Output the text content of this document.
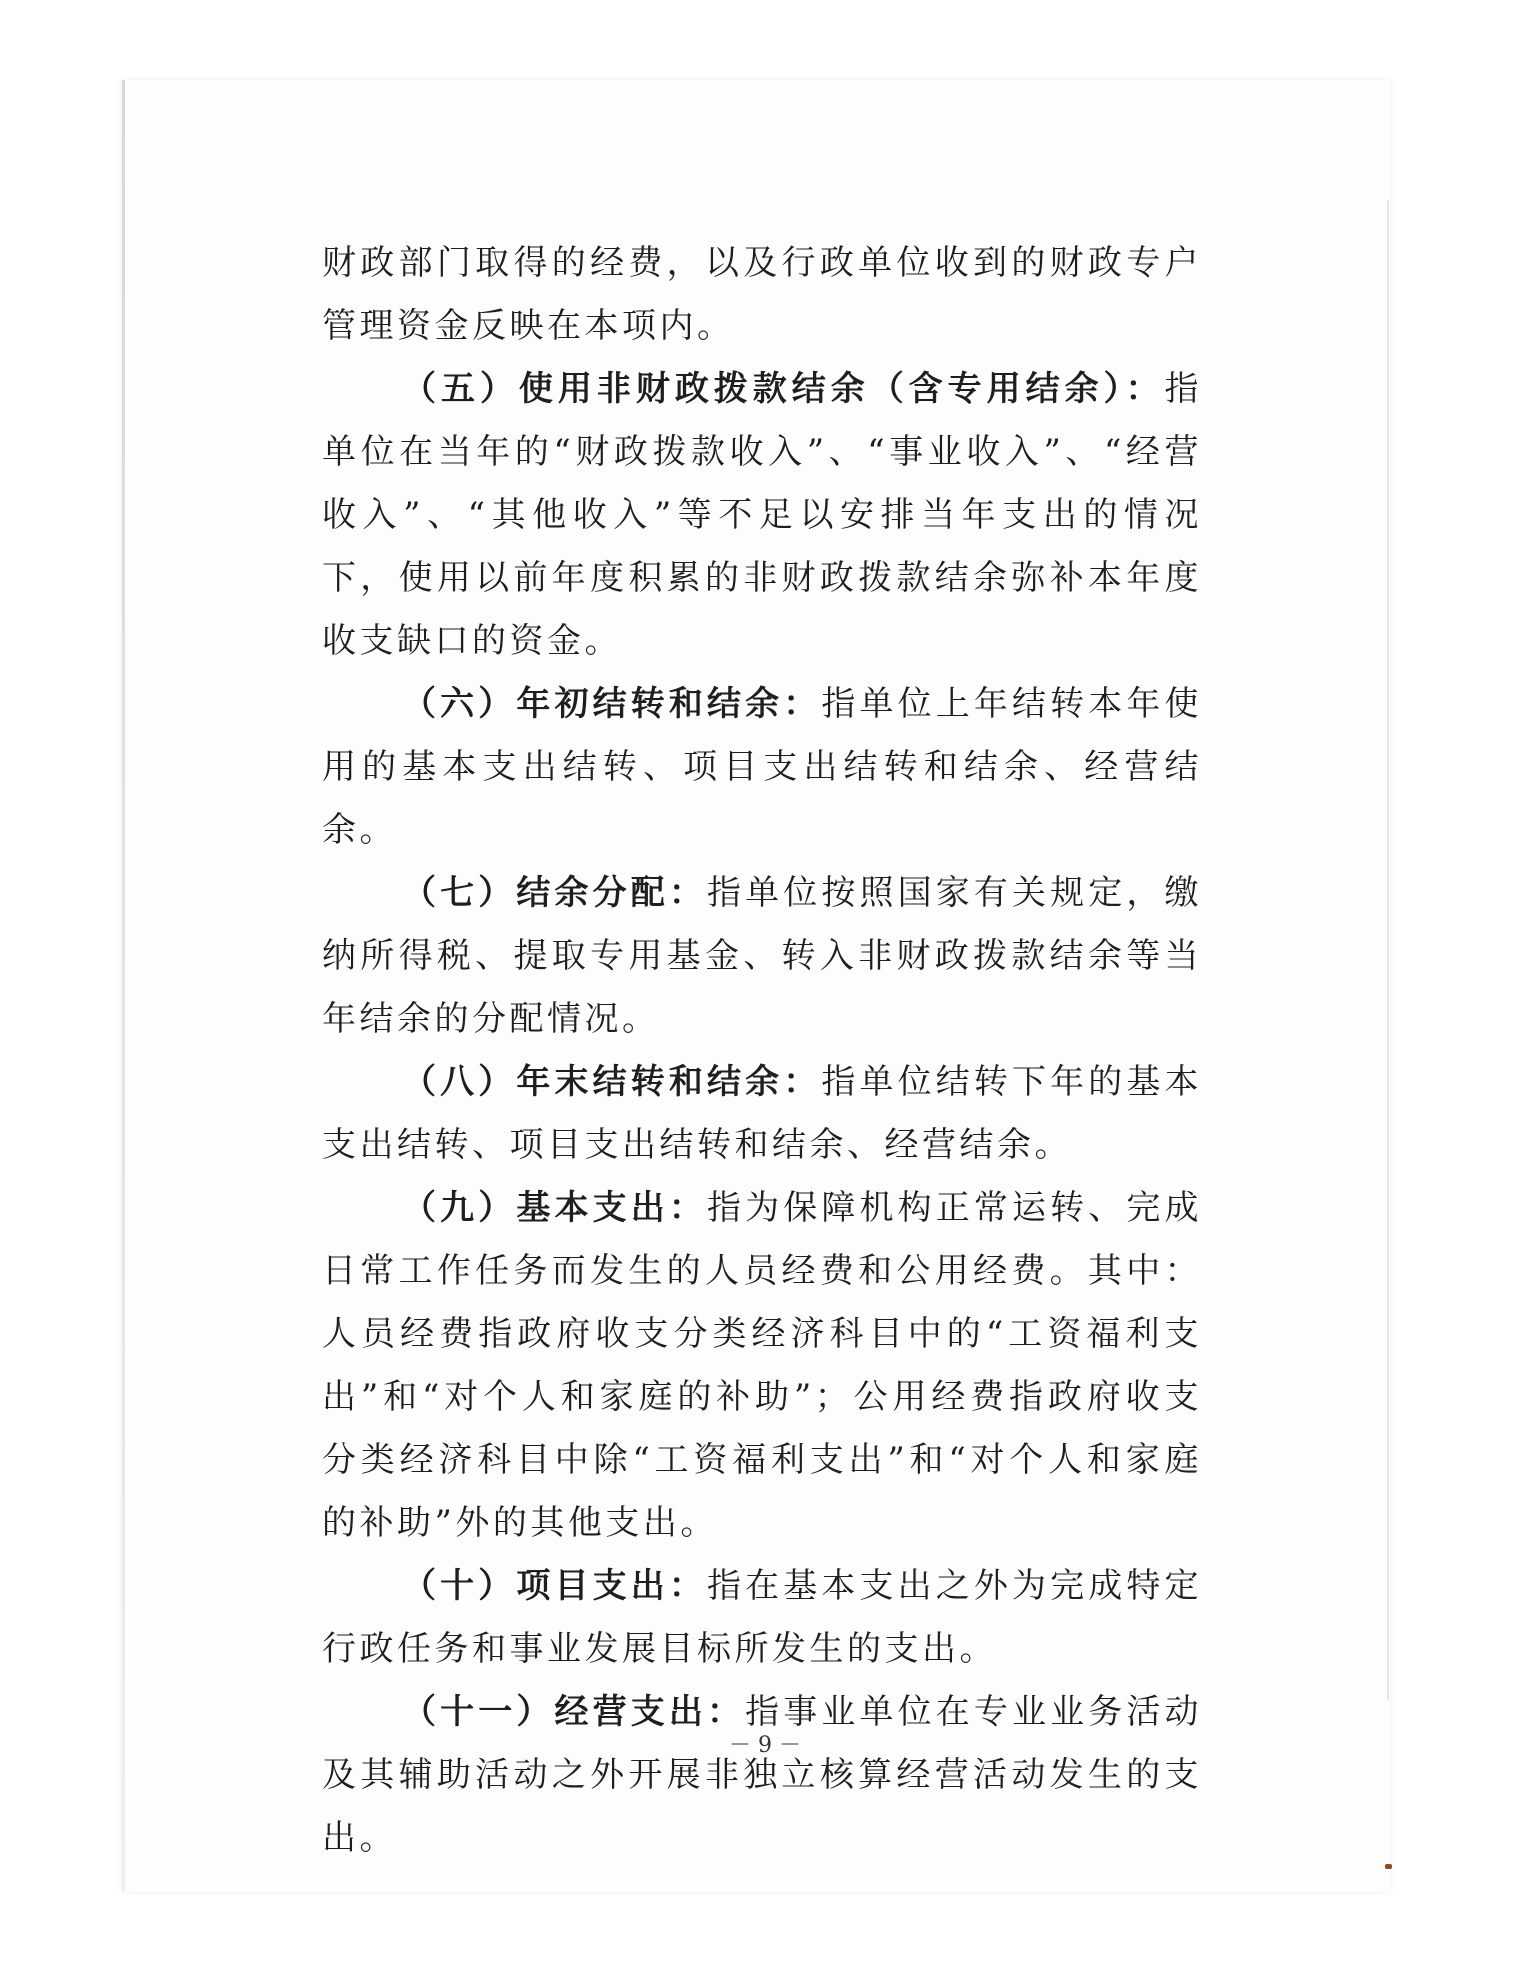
财政部门取得的经费，以及行政单位收到的财政专户管理资金反映在本项内。

（五）使用非财政拨款结余（含专用结余）：指单位在当年的“财政拨款收入”、“事业收入”、“经营收入”、“其他收入”等不足以安排当年支出的情况下，使用以前年度积累的非财政拨款结余弥补本年度收支缺口的资金。

（六）年初结转和结余：指单位上年结转本年使用的基本支出结转、项目支出结转和结余、经营结余。

（七）结余分配：指单位按照国家有关规定，缴纳所得税、提取专用基金、转入非财政拨款结余等当年结余的分配情况。

（八）年末结转和结余：指单位结转下年的基本支出结转、项目支出结转和结余、经营结余。

（九）基本支出：指为保障机构正常运转、完成日常工作任务而发生的人员经费和公用经费。其中：人员经费指政府收支分类经济科目中的“工资福利支出”和“对个人和家庭的补助”；公用经费指政府收支分类经济科目中除“工资福利支出”和“对个人和家庭的补助”外的其他支出。

（十）项目支出：指在基本支出之外为完成特定行政任务和事业发展目标所发生的支出。

（十一）经营支出：指事业单位在专业业务活动及其辅助活动之外开展非独立核算经营活动发生的支出。

－ 9 －
